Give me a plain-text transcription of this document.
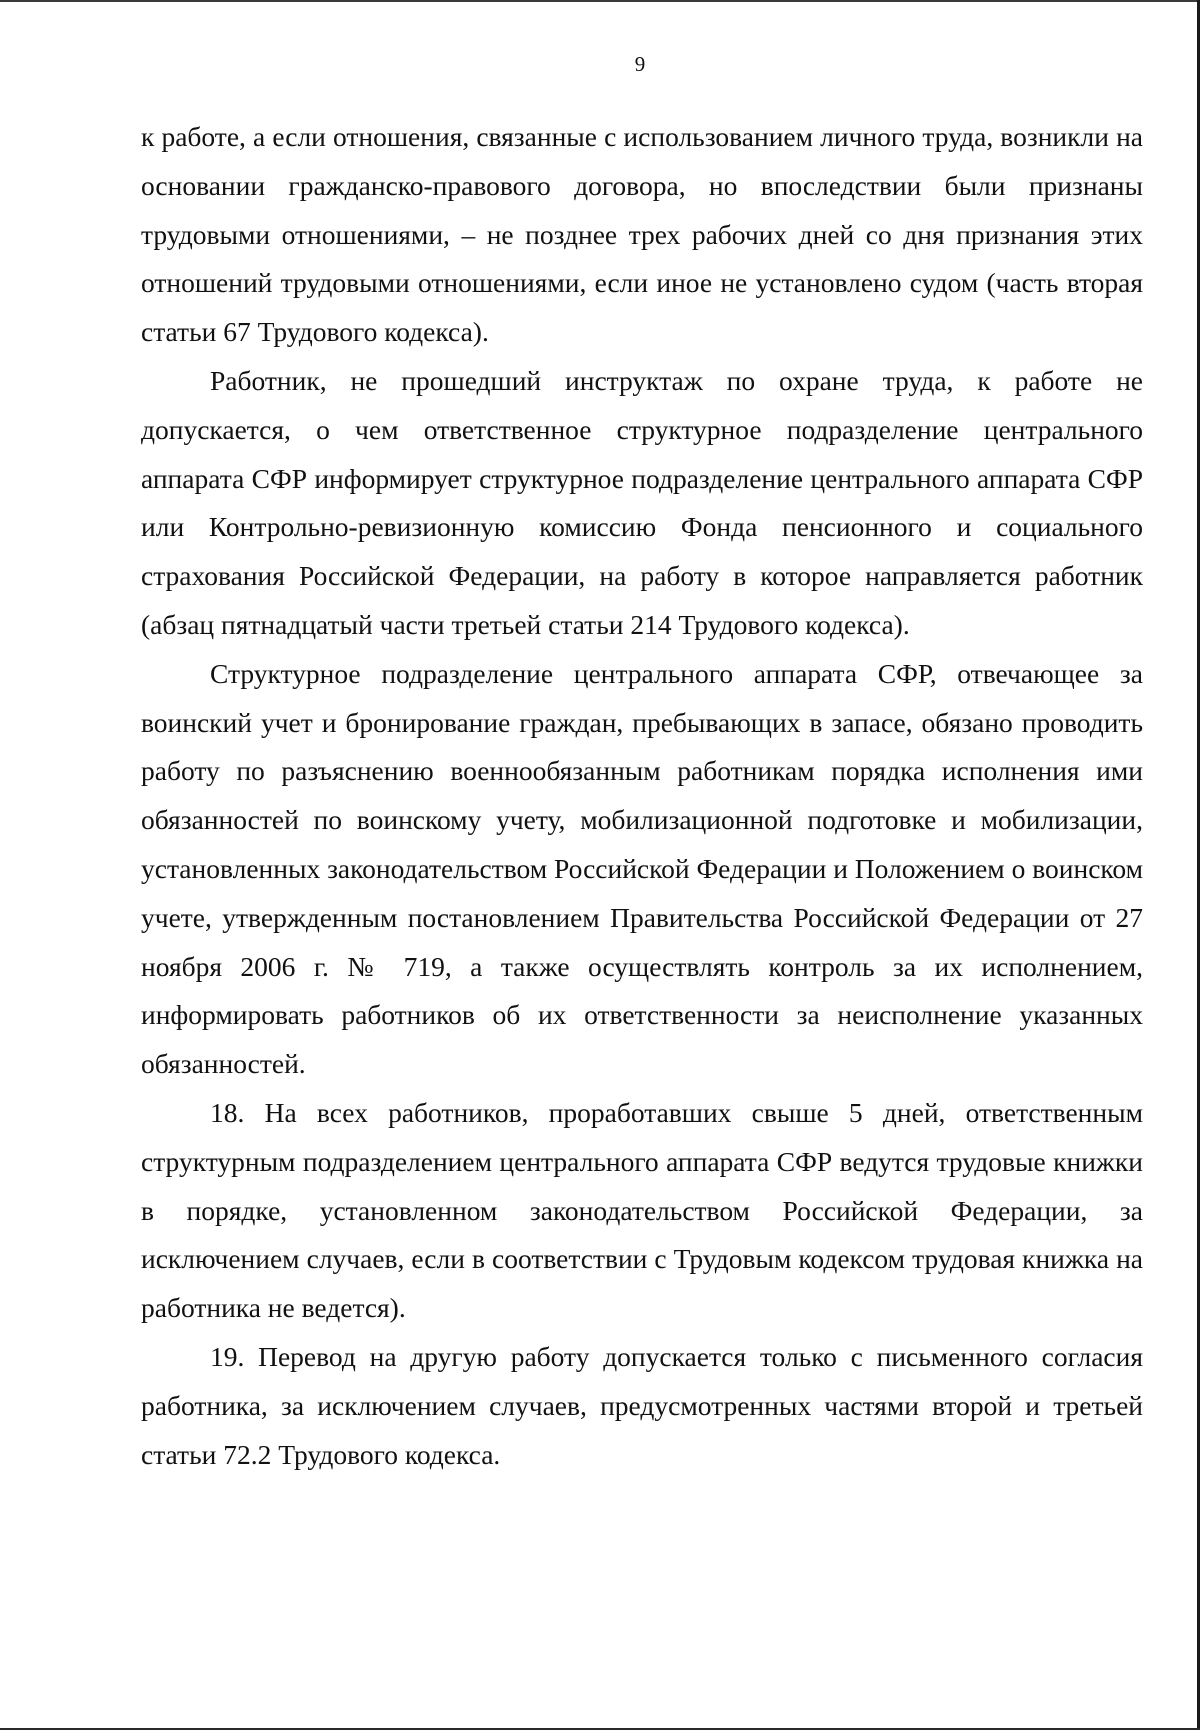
9

к работе, а если отношения, связанные с использованием личного труда, возникли на основании гражданско-правового договора, но впоследствии были признаны трудовыми отношениями, – не позднее трех рабочих дней со дня признания этих отношений трудовыми отношениями, если иное не установлено судом (часть вторая статьи 67 Трудового кодекса).

Работник, не прошедший инструктаж по охране труда, к работе не допускается, о чем ответственное структурное подразделение центрального аппарата СФР информирует структурное подразделение центрального аппарата СФР или Контрольно-ревизионную комиссию Фонда пенсионного и социального страхования Российской Федерации, на работу в которое направляется работник (абзац пятнадцатый части третьей статьи 214 Трудового кодекса).

Структурное подразделение центрального аппарата СФР, отвечающее за воинский учет и бронирование граждан, пребывающих в запасе, обязано проводить работу по разъяснению военнообязанным работникам порядка исполнения ими обязанностей по воинскому учету, мобилизационной подготовке и мобилизации, установленных законодательством Российской Федерации и Положением о воинском учете, утвержденным постановлением Правительства Российской Федерации от 27 ноября 2006 г. № 719, а также осуществлять контроль за их исполнением, информировать работников об их ответственности за неисполнение указанных обязанностей.

18. На всех работников, проработавших свыше 5 дней, ответственным структурным подразделением центрального аппарата СФР ведутся трудовые книжки в порядке, установленном законодательством Российской Федерации, за исключением случаев, если в соответствии с Трудовым кодексом трудовая книжка на работника не ведется).

19. Перевод на другую работу допускается только с письменного согласия работника, за исключением случаев, предусмотренных частями второй и третьей статьи 72.2 Трудового кодекса.
